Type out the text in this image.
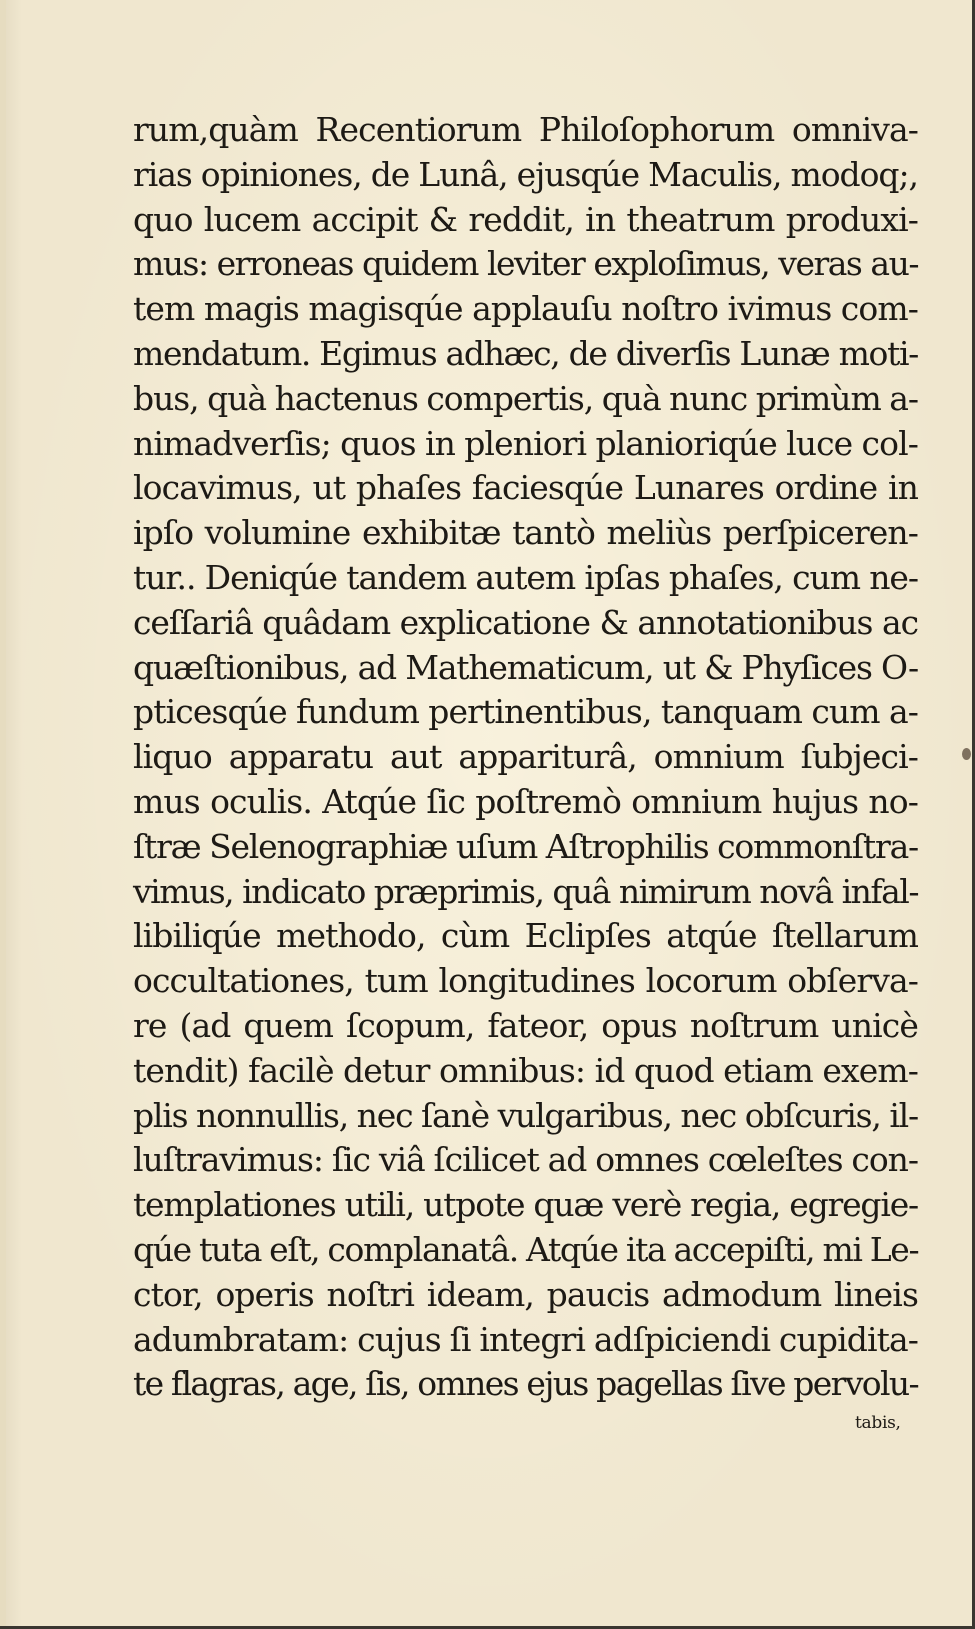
rum,quàm Recentiorum Philoſophorum omniva-
rias opiniones, de Lunâ, ejusqúe Maculis, modoq;,
quo lucem accipit & reddit, in theatrum produxi-
mus: erroneas quidem leviter exploſimus, veras au-
tem magis magisqúe applauſu noſtro ivimus com-
mendatum. Egimus adhæc, de diverſis Lunæ moti-
bus, quà hactenus compertis, quà nunc primùm a-
nimadverſis; quos in pleniori planioriqúe luce col-
locavimus, ut phaſes faciesqúe Lunares ordine in
ipſo volumine exhibitæ tantò meliùs perſpiceren-
tur.. Deniqúe tandem autem ipſas phaſes, cum ne-
ceſſariâ quâdam explicatione & annotationibus ac
quæſtionibus, ad Mathematicum, ut & Phyſices O-
pticesqúe fundum pertinentibus, tanquam cum a-
liquo apparatu aut appariturâ, omnium ſubjeci-
mus oculis. Atqúe ſic poſtremò omnium hujus no-
ſtræ Selenographiæ uſum Aſtrophilis commonſtra-
vimus, indicato præprimis, quâ nimirum novâ infal-
libiliqúe methodo, cùm Eclipſes atqúe ſtellarum
occultationes, tum longitudines locorum obſerva-
re (ad quem ſcopum, fateor, opus noſtrum unicè
tendit) facilè detur omnibus: id quod etiam exem-
plis nonnullis, nec ſanè vulgaribus, nec obſcuris, il-
luſtravimus: ſic viâ ſcilicet ad omnes cœleſtes con-
templationes utili, utpote quæ verè regia, egregie-
qúe tuta eſt, complanatâ. Atqúe ita accepiſti, mi Le-
ctor, operis noſtri ideam, paucis admodum lineis
adumbratam: cujus ſi integri adſpiciendi cupidita-
te flagras, age, ſis, omnes ejus pagellas ſive pervolu-
tabis,
